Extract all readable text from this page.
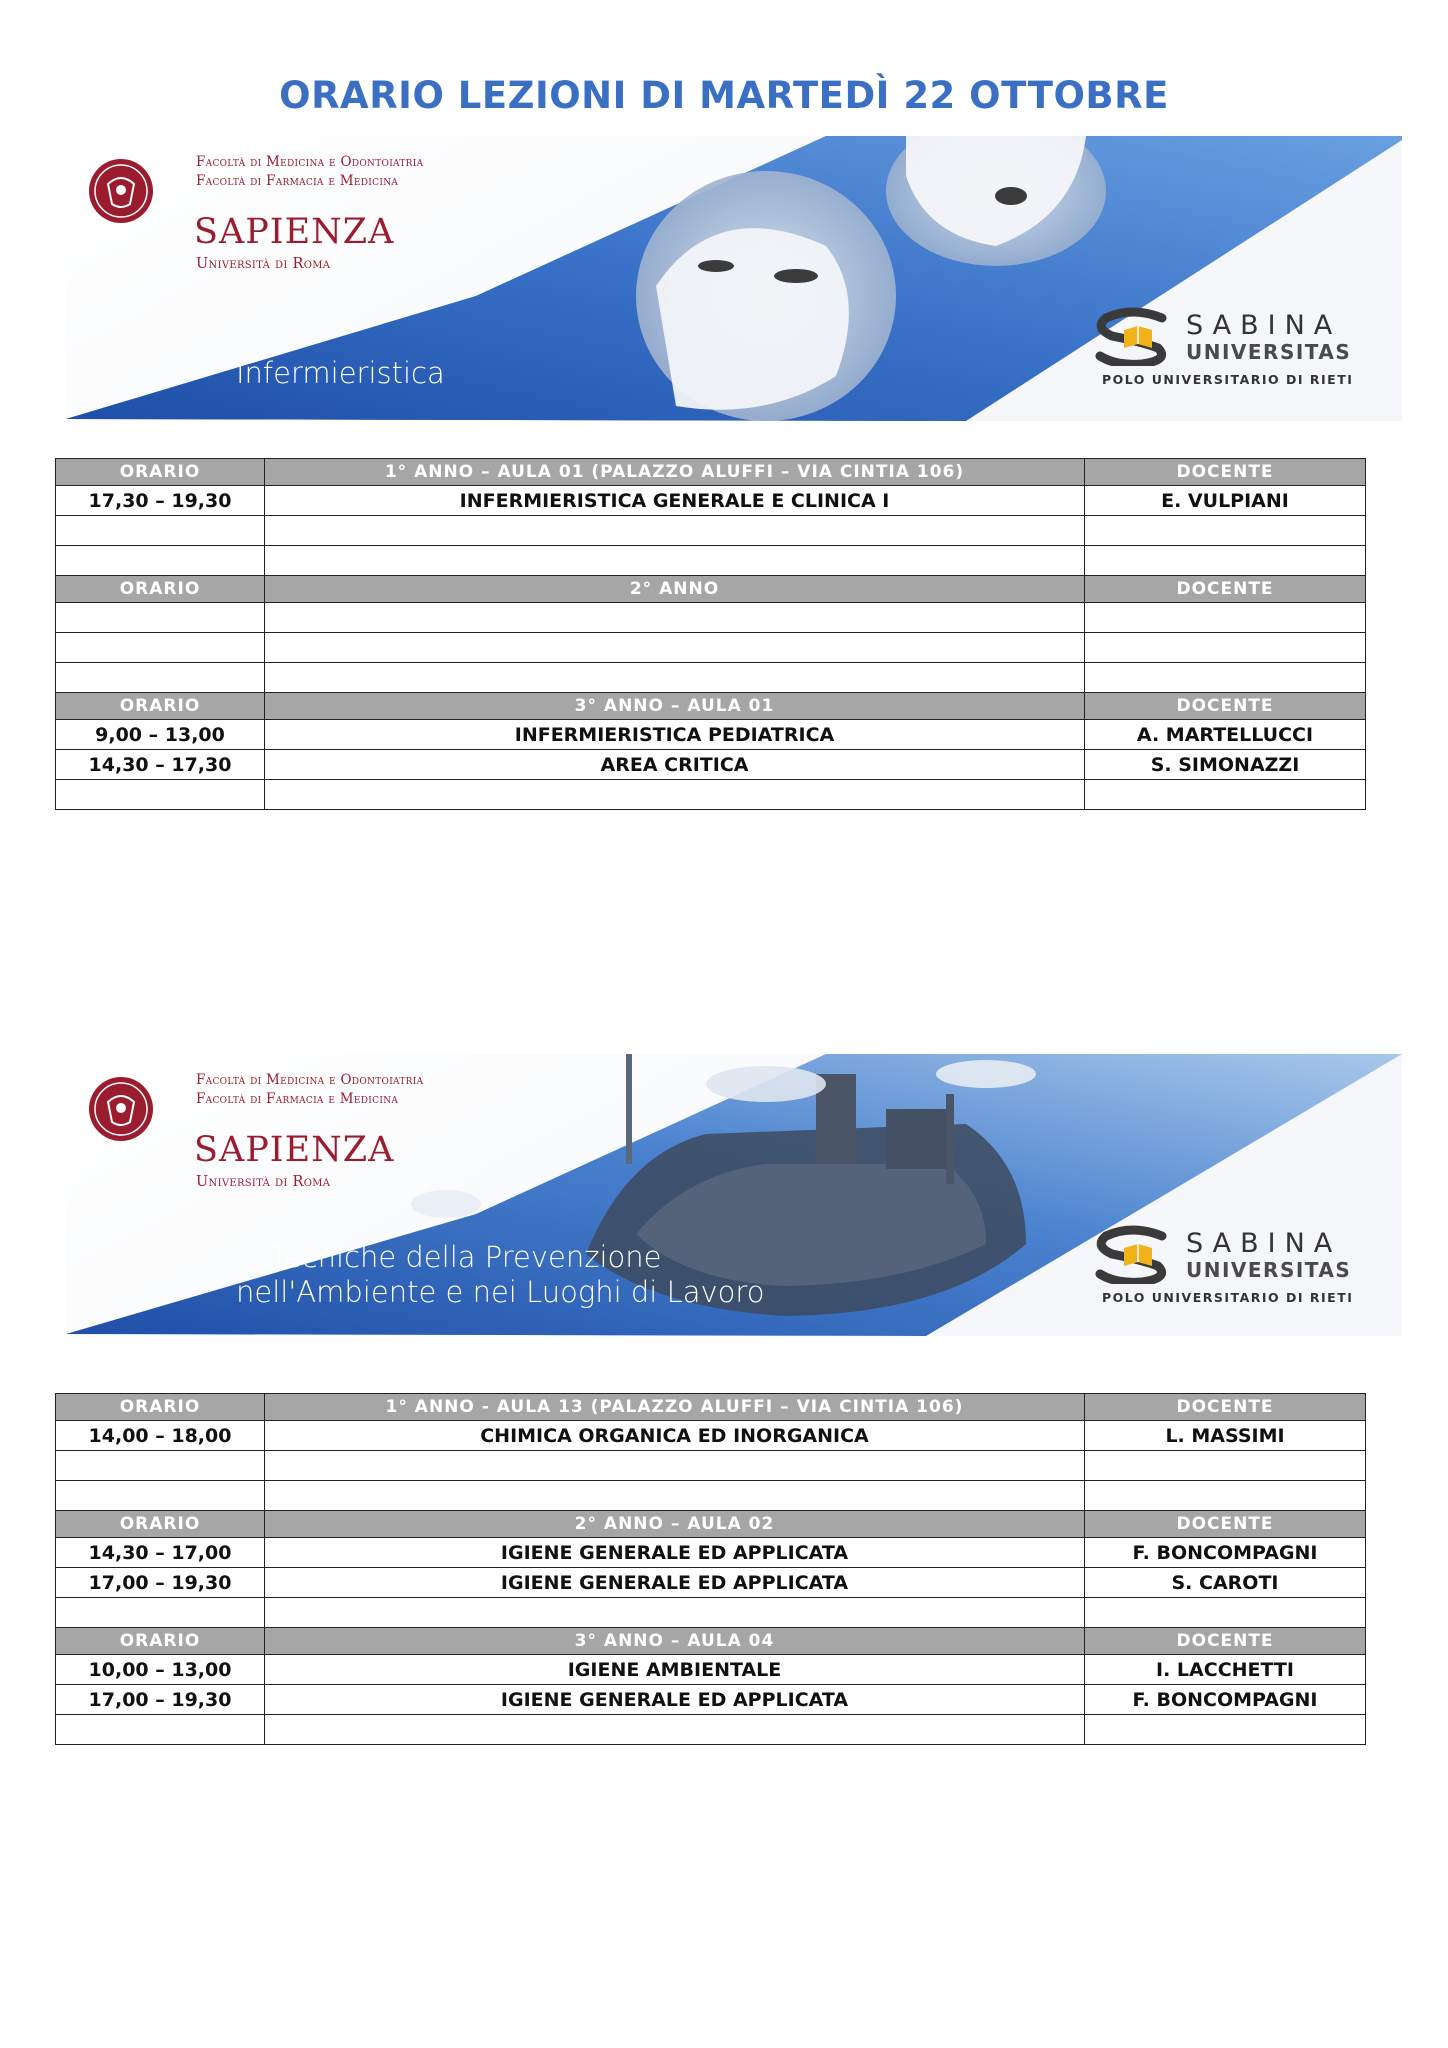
ORARIO LEZIONI DI MARTEDÌ 22 OTTOBRE
Facoltà di Medicina e Odontoiatria
Facoltà di Farmacia e Medicina
SAPIENZA
Università di Roma
Infermieristica
SABINA
UNIVERSITAS
POLO UNIVERSITARIO DI RIETI
ORARIO	1° ANNO – AULA 01 (PALAZZO ALUFFI – VIA CINTIA 106)	DOCENTE
17,30 – 19,30	INFERMIERISTICA GENERALE E CLINICA I	E. VULPIANI

ORARIO	2° ANNO	DOCENTE

ORARIO	3° ANNO – AULA 01	DOCENTE
9,00 – 13,00	INFERMIERISTICA PEDIATRICA	A. MARTELLUCCI
14,30 – 17,30	AREA CRITICA	S. SIMONAZZI

Facoltà di Medicina e Odontoiatria
Facoltà di Farmacia e Medicina
SAPIENZA
Università di Roma
Tecniche della Prevenzione
nell'Ambiente e nei Luoghi di Lavoro
SABINA
UNIVERSITAS
POLO UNIVERSITARIO DI RIETI
ORARIO	1° ANNO - AULA 13 (PALAZZO ALUFFI – VIA CINTIA 106)	DOCENTE
14,00 – 18,00	CHIMICA ORGANICA ED INORGANICA	L. MASSIMI

ORARIO	2° ANNO – AULA 02	DOCENTE
14,30 – 17,00	IGIENE GENERALE ED APPLICATA	F. BONCOMPAGNI
17,00 – 19,30	IGIENE GENERALE ED APPLICATA	S. CAROTI

ORARIO	3° ANNO – AULA 04	DOCENTE
10,00 – 13,00	IGIENE AMBIENTALE	I. LACCHETTI
17,00 – 19,30	IGIENE GENERALE ED APPLICATA	F. BONCOMPAGNI
